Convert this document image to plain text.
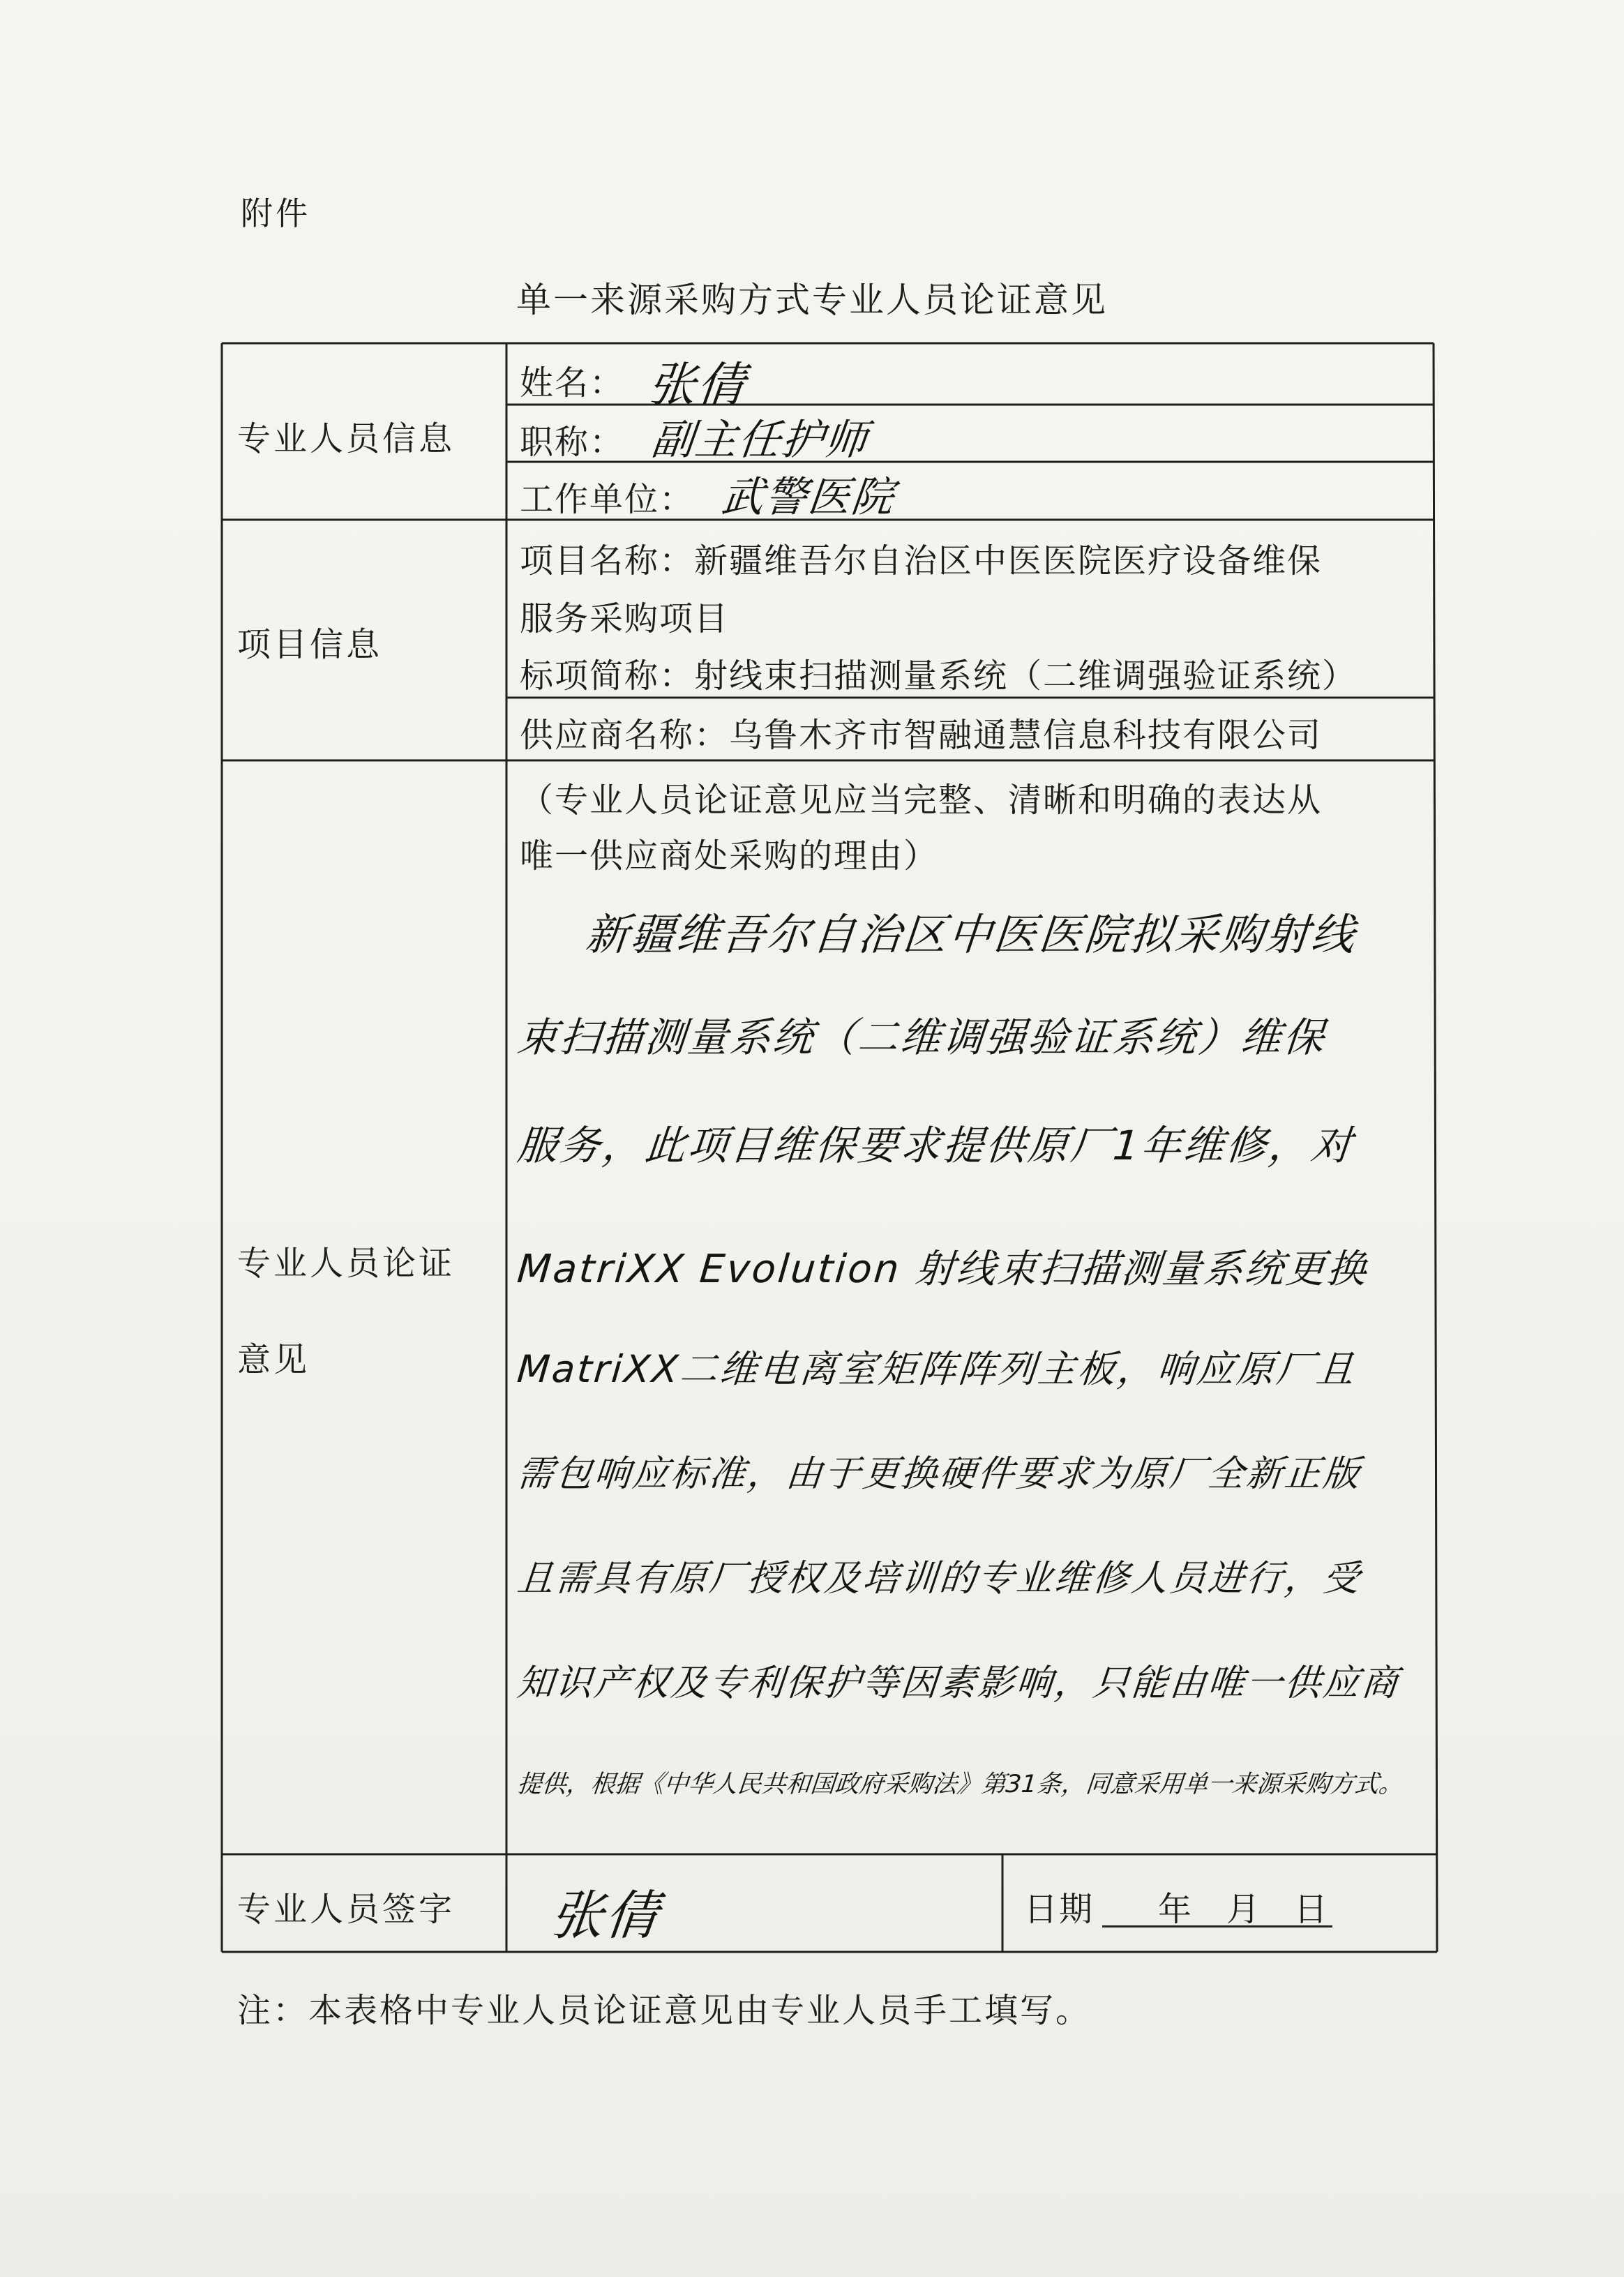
附件
单一来源采购方式专业人员论证意见
专业人员信息
姓名： 张倩
职称： 副主任护师
工作单位： 武警医院
项目信息
项目名称：新疆维吾尔自治区中医医院医疗设备维保
服务采购项目
标项简称：射线束扫描测量系统（二维调强验证系统）
供应商名称：乌鲁木齐市智融通慧信息科技有限公司
专业人员论证
意见
（专业人员论证意见应当完整、清晰和明确的表达从
唯一供应商处采购的理由）
新疆维吾尔自治区中医医院拟采购射线
束扫描测量系统（二维调强验证系统）维保
服务，此项目维保要求提供原厂1年维修，对
MatriXX Evolution 射线束扫描测量系统更换
MatriXX二维电离室矩阵阵列主板，响应原厂且
需包响应标准，由于更换硬件要求为原厂全新正版
且需具有原厂授权及培训的专业维修人员进行，受
知识产权及专利保护等因素影响，只能由唯一供应商
提供，根据《中华人民共和国政府采购法》第31条，同意采用单一来源采购方式。
专业人员签字 张倩	日期 年 月 日
注：本表格中专业人员论证意见由专业人员手工填写。
